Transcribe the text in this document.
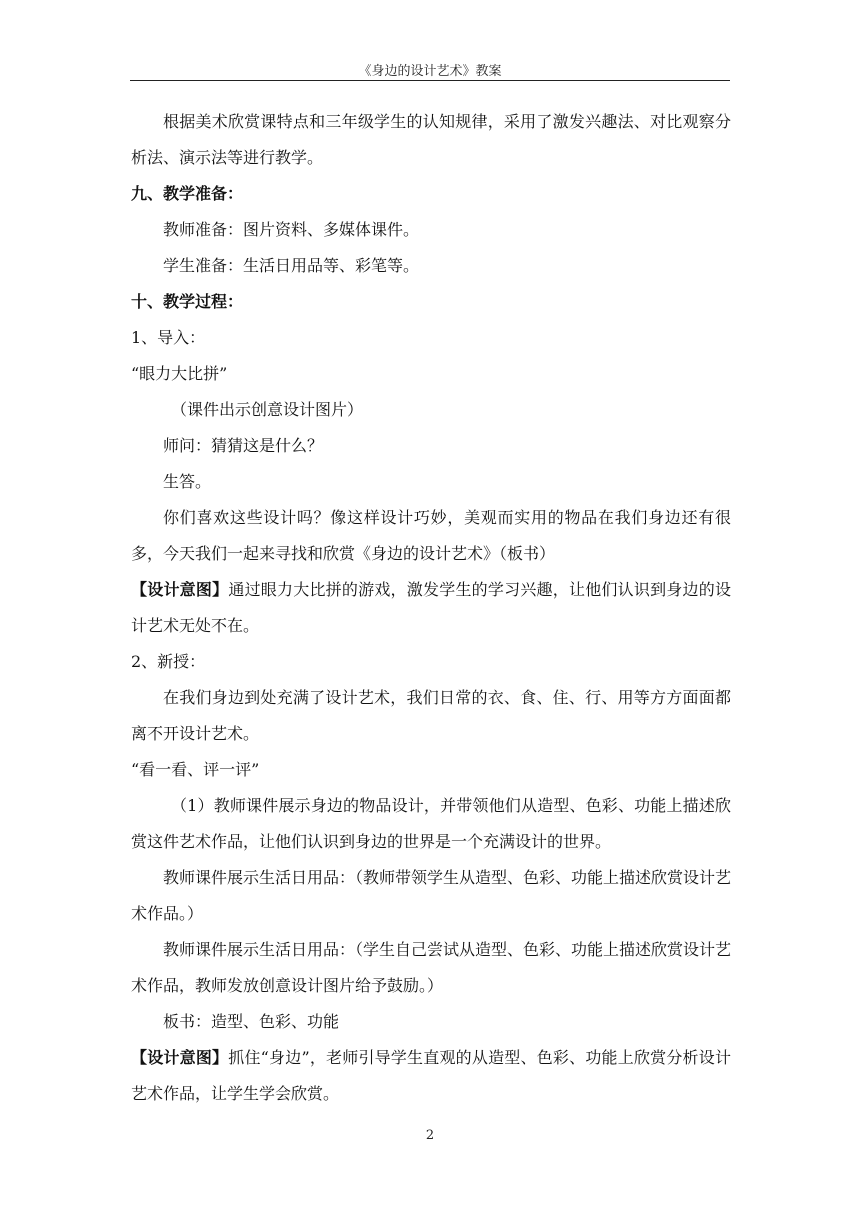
《身边的设计艺术》教案

根据美术欣赏课特点和三年级学生的认知规律，采用了激发兴趣法、对比观察分析法、演示法等进行教学。

九、教学准备：

教师准备：图片资料、多媒体课件。

学生准备：生活日用品等、彩笔等。

十、教学过程：

1、导入：

“眼力大比拼”

（课件出示创意设计图片）

师问：猜猜这是什么？

生答。

你们喜欢这些设计吗？像这样设计巧妙，美观而实用的物品在我们身边还有很多，今天我们一起来寻找和欣赏《身边的设计艺术》（板书）

【设计意图】通过眼力大比拼的游戏，激发学生的学习兴趣，让他们认识到身边的设计艺术无处不在。

2、新授：

在我们身边到处充满了设计艺术，我们日常的衣、食、住、行、用等方方面面都离不开设计艺术。

“看一看、评一评”

（1）教师课件展示身边的物品设计，并带领他们从造型、色彩、功能上描述欣赏这件艺术作品，让他们认识到身边的世界是一个充满设计的世界。

教师课件展示生活日用品：（教师带领学生从造型、色彩、功能上描述欣赏设计艺术作品。）

教师课件展示生活日用品：（学生自己尝试从造型、色彩、功能上描述欣赏设计艺术作品，教师发放创意设计图片给予鼓励。）

板书：造型、色彩、功能

【设计意图】抓住“身边”，老师引导学生直观的从造型、色彩、功能上欣赏分析设计艺术作品，让学生学会欣赏。

2
